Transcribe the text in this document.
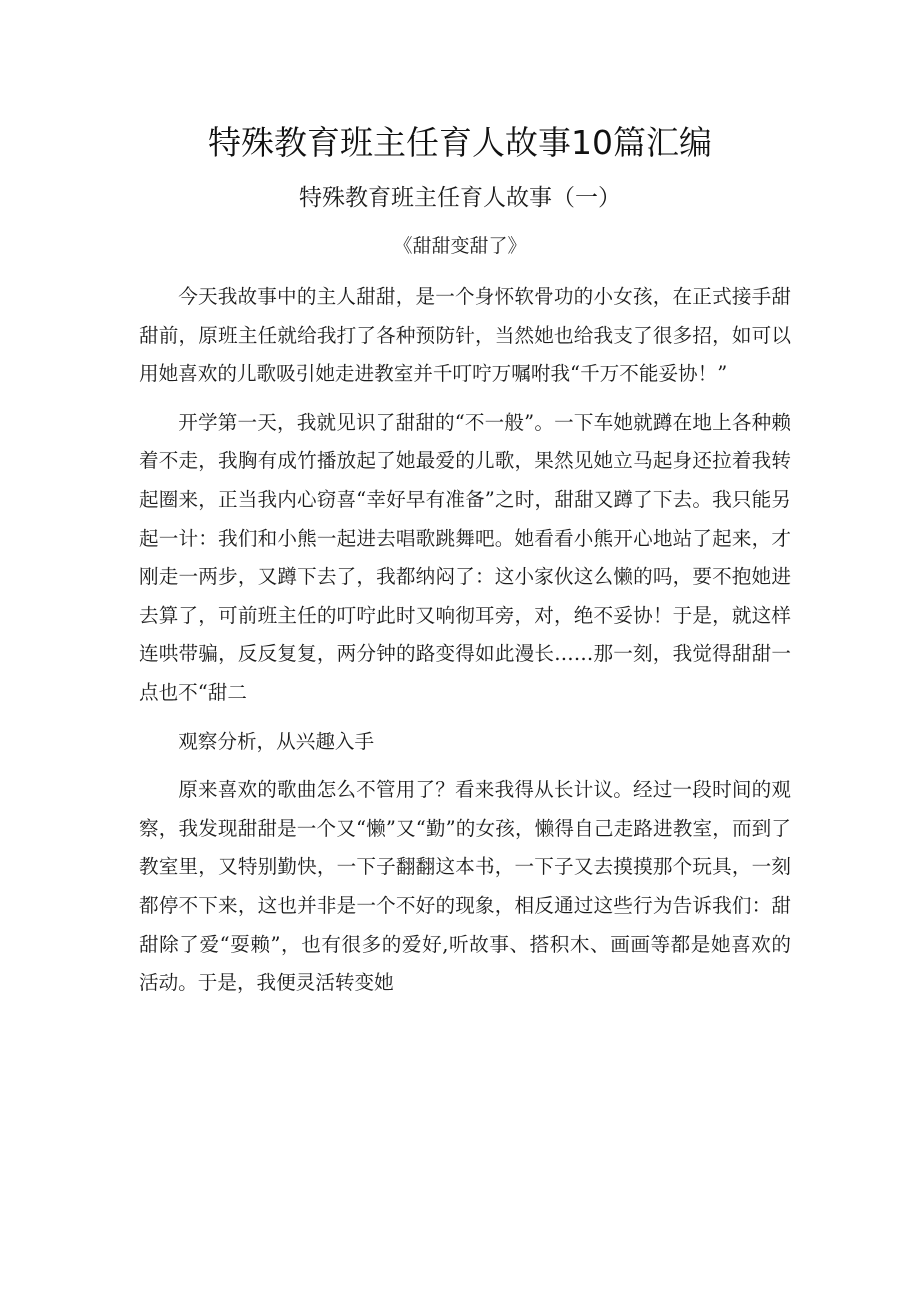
特殊教育班主任育人故事10篇汇编
特殊教育班主任育人故事（一）
《甜甜变甜了》

今天我故事中的主人甜甜，是一个身怀软骨功的小女孩，在正式接手甜甜前，原班主任就给我打了各种预防针，当然她也给我支了很多招，如可以用她喜欢的儿歌吸引她走进教室并千叮咛万嘱咐我“千万不能妥协！”

开学第一天，我就见识了甜甜的“不一般”。一下车她就蹲在地上各种赖着不走，我胸有成竹播放起了她最爱的儿歌，果然见她立马起身还拉着我转起圈来，正当我内心窃喜“幸好早有准备”之时，甜甜又蹲了下去。我只能另起一计：我们和小熊一起进去唱歌跳舞吧。她看看小熊开心地站了起来，才刚走一两步，又蹲下去了，我都纳闷了：这小家伙这么懒的吗，要不抱她进去算了，可前班主任的叮咛此时又响彻耳旁，对，绝不妥协！于是，就这样连哄带骗，反反复复，两分钟的路变得如此漫长……那一刻，我觉得甜甜一点也不“甜二

观察分析，从兴趣入手

原来喜欢的歌曲怎么不管用了？看来我得从长计议。经过一段时间的观察，我发现甜甜是一个又“懒”又“勤”的女孩，懒得自己走路进教室，而到了教室里，又特别勤快，一下子翻翻这本书，一下子又去摸摸那个玩具，一刻都停不下来，这也并非是一个不好的现象，相反通过这些行为告诉我们：甜甜除了爱“耍赖”，也有很多的爱好,听故事、搭积木、画画等都是她喜欢的活动。于是，我便灵活转变她
